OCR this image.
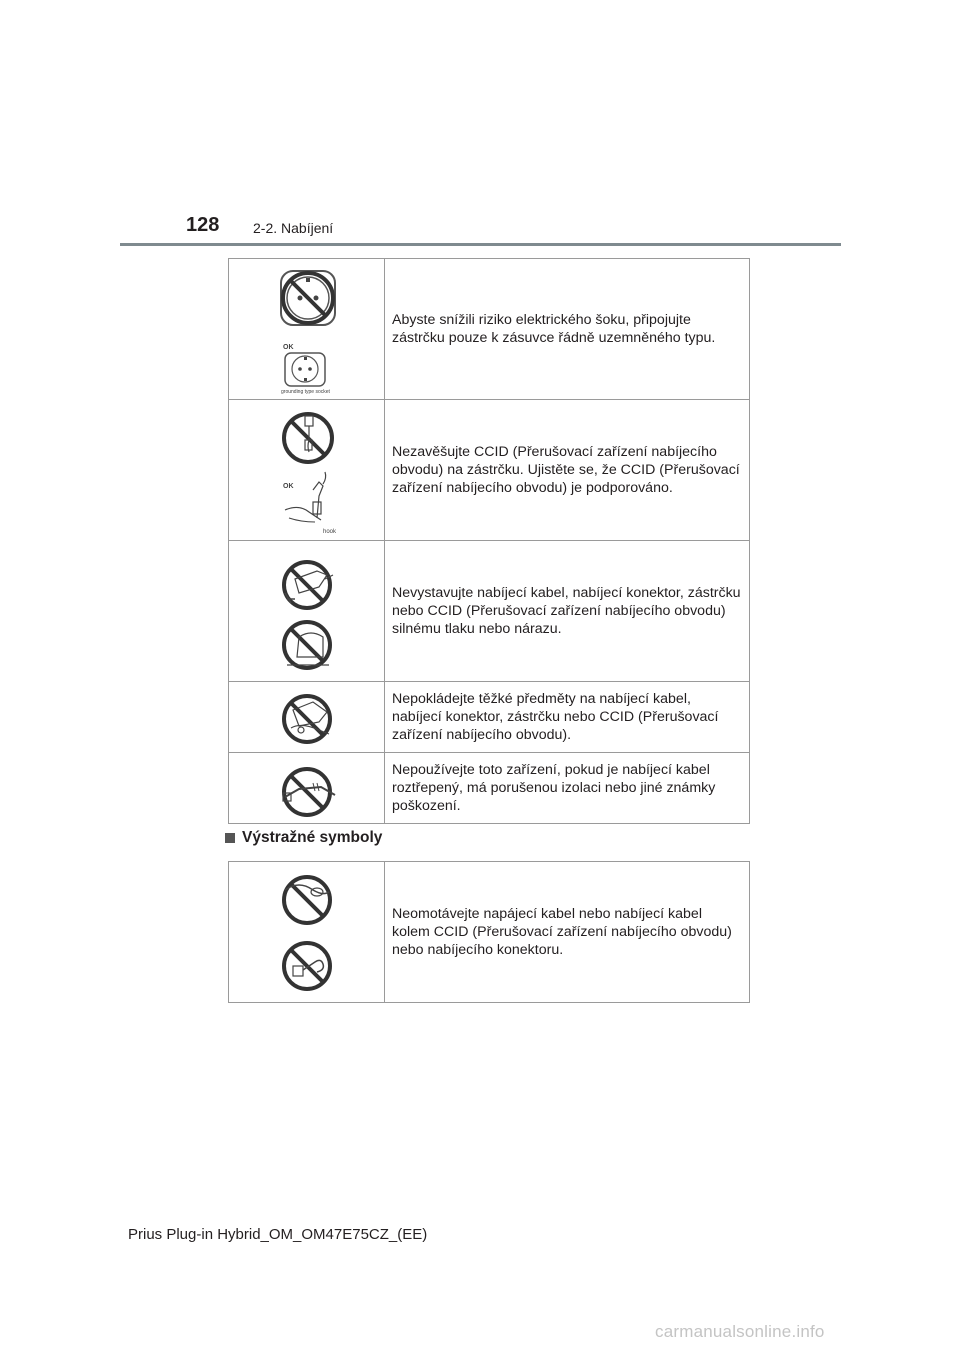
128 2-2. Nabíjení
OK
grounding type socket	Abyste snížili riziko elektrického šoku, připojujte zástrčku pouze k zásuvce řádně uzemněného typu.

OK
hook	Nezavěšujte CCID (Přerušovací zařízení nabíjecího obvodu) na zástrčku. Ujistěte se, že CCID (Přerušovací zařízení nabíjecího obvodu) je podporováno.

	Nevystavujte nabíjecí kabel, nabíjecí konektor, zástrčku nebo CCID (Přerušovací zařízení nabíjecího obvodu) silnému tlaku nebo nárazu.

	Nepokládejte těžké předměty na nabíjecí kabel, nabíjecí konektor, zástrčku nebo CCID (Přerušovací zařízení nabíjecího obvodu).

	Nepoužívejte toto zařízení, pokud je nabíjecí kabel roztřepený, má porušenou izolaci nebo jiné známky poškození.
Výstražné symboly
	Neomotávejte napájecí kabel nebo nabíjecí kabel kolem CCID (Přerušovací zařízení nabíjecího obvodu) nebo nabíjecího konektoru.
Prius Plug-in Hybrid_OM_OM47E75CZ_(EE)
carmanualsonline.info
